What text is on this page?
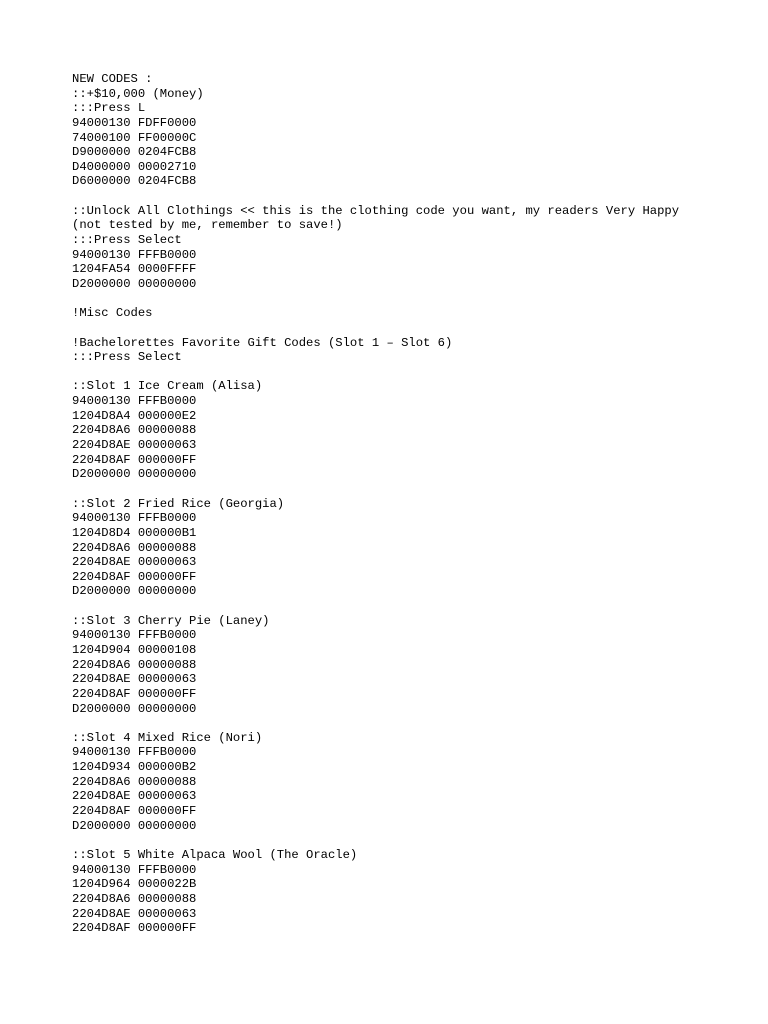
NEW CODES :
::+$10,000 (Money)
:::Press L
94000130 FDFF0000
74000100 FF00000C
D9000000 0204FCB8
D4000000 00002710
D6000000 0204FCB8
::Unlock All Clothings << this is the clothing code you want, my readers Very Happy
(not tested by me, remember to save!)
:::Press Select
94000130 FFFB0000
1204FA54 0000FFFF
D2000000 00000000
!Misc Codes
!Bachelorettes Favorite Gift Codes (Slot 1 – Slot 6)
:::Press Select
::Slot 1 Ice Cream (Alisa)
94000130 FFFB0000
1204D8A4 000000E2
2204D8A6 00000088
2204D8AE 00000063
2204D8AF 000000FF
D2000000 00000000
::Slot 2 Fried Rice (Georgia)
94000130 FFFB0000
1204D8D4 000000B1
2204D8A6 00000088
2204D8AE 00000063
2204D8AF 000000FF
D2000000 00000000
::Slot 3 Cherry Pie (Laney)
94000130 FFFB0000
1204D904 00000108
2204D8A6 00000088
2204D8AE 00000063
2204D8AF 000000FF
D2000000 00000000
::Slot 4 Mixed Rice (Nori)
94000130 FFFB0000
1204D934 000000B2
2204D8A6 00000088
2204D8AE 00000063
2204D8AF 000000FF
D2000000 00000000
::Slot 5 White Alpaca Wool (The Oracle)
94000130 FFFB0000
1204D964 0000022B
2204D8A6 00000088
2204D8AE 00000063
2204D8AF 000000FF
